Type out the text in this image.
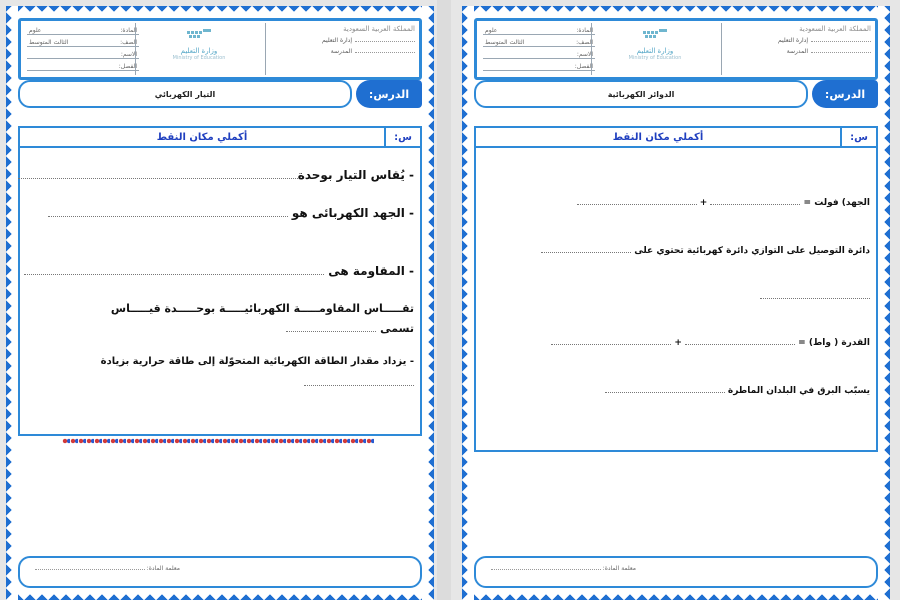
المملكة العربية السعودية
إدارة التعليم
المدرسة
وزارة التعليم
Ministry of Education
علوم	المادة:
الثالث المتوسط	الصف:
الاسم:
الفصل:
التيار الكهربائي	الدرس:
أكملي مكان النقط	س:
- يُقاس التيار بوحدة
- الجهد الكهربائى هو
- المقاومة هى
تقـــــاس المقاومـــــة الكهربائيـــــة بوحـــــدة قيـــــاس
تسمى
- يزداد مقدار الطاقة الكهربائية المتحوّلة إلى طاقة حرارية بزيادة
معلمة المادة:
المملكة العربية السعودية
إدارة التعليم
المدرسة
وزارة التعليم
Ministry of Education
علوم	المادة:
الثالث المتوسط	الصف:
الاسم:
الفصل:
الدوائر الكهربائية	الدرس:
أكملي مكان النقط	س:
الجهد) فولت =  +
دائرة التوصيل على التوازي دائرة كهربائية تحتوي على
القدرة ( واط) =  +
يسبّب البرق في البلدان الماطرة
معلمة المادة:
